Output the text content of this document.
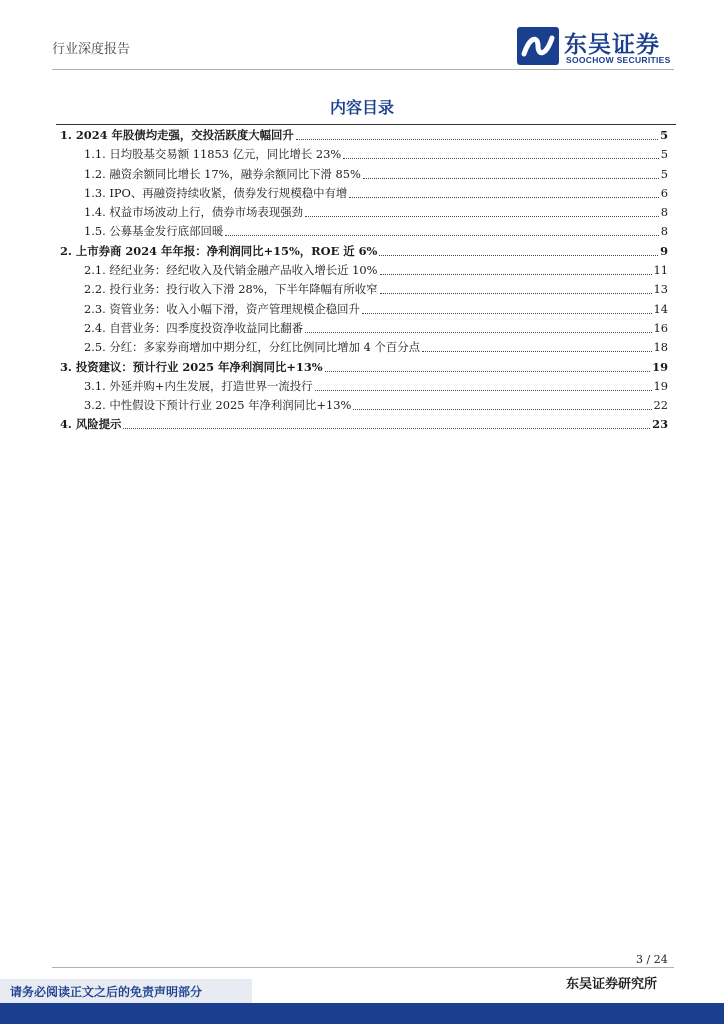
行业深度报告	东吴证券
SOOCHOW SECURITIES
内容目录
1. 2024 年股债均走强，交投活跃度大幅回升	5
1.1. 日均股基交易额 11853 亿元，同比增长 23%	5
1.2. 融资余额同比增长 17%，融券余额同比下滑 85%	5
1.3. IPO、再融资持续收紧，债券发行规模稳中有增	6
1.4. 权益市场波动上行，债券市场表现强劲	8
1.5. 公募基金发行底部回暖	8
2. 上市券商 2024 年年报：净利润同比+15%，ROE 近 6%	9
2.1. 经纪业务：经纪收入及代销金融产品收入增长近 10%	11
2.2. 投行业务：投行收入下滑 28%，下半年降幅有所收窄	13
2.3. 资管业务：收入小幅下滑，资产管理规模企稳回升	14
2.4. 自营业务：四季度投资净收益同比翻番	16
2.5. 分红：多家券商增加中期分红，分红比例同比增加 4 个百分点	18
3. 投资建议：预计行业 2025 年净利润同比+13%	19
3.1. 外延并购+内生发展，打造世界一流投行	19
3.2. 中性假设下预计行业 2025 年净利润同比+13%	22
4. 风险提示	23
3 / 24
东吴证券研究所
请务必阅读正文之后的免责声明部分
